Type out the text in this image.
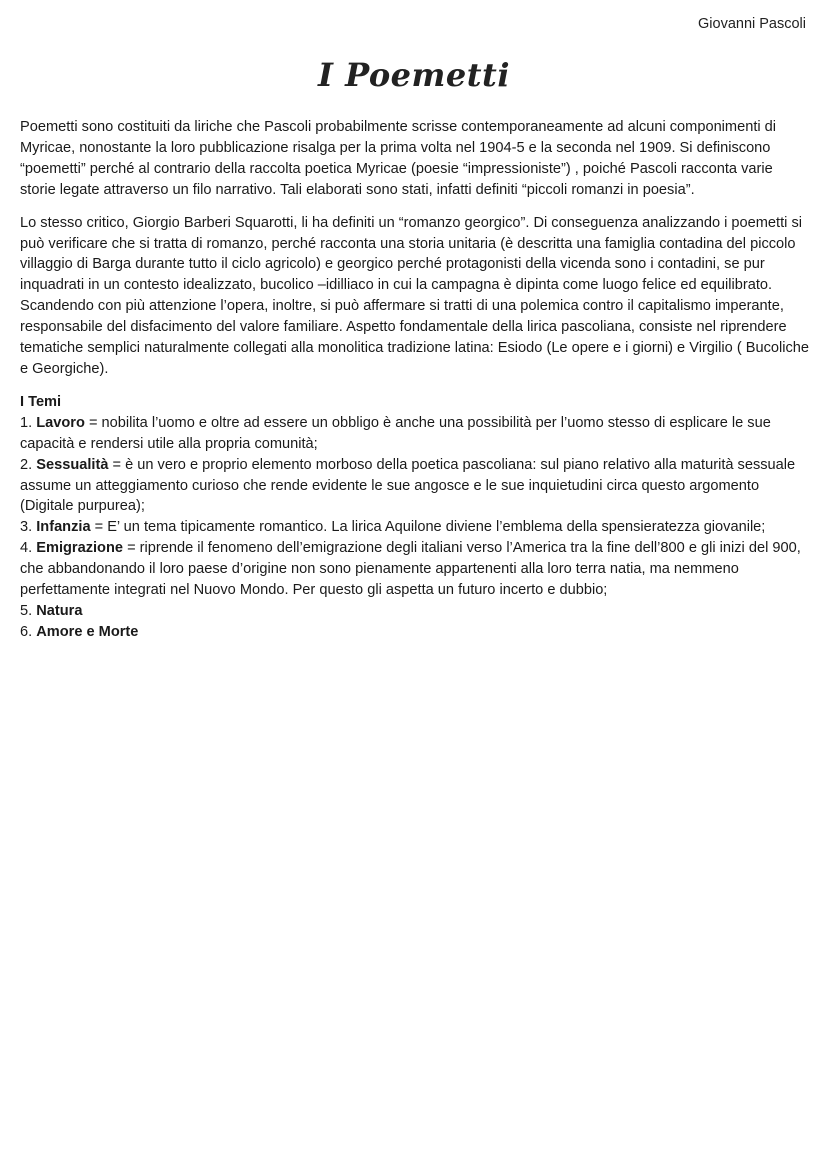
Giovanni Pascoli
I Poemetti

Poemetti sono costituiti da liriche che Pascoli probabilmente scrisse contemporaneamente ad alcuni componimenti di Myricae, nonostante la loro pubblicazione risalga per la prima volta nel 1904-5 e la seconda nel 1909. Si definiscono “poemetti” perché al contrario della raccolta poetica Myricae (poesie “impressioniste”) , poiché Pascoli racconta varie storie legate attraverso un filo narrativo. Tali elaborati sono stati, infatti definiti “piccoli romanzi in poesia”.

Lo stesso critico, Giorgio Barberi Squarotti, li ha definiti un “romanzo georgico”. Di conseguenza analizzando i poemetti si può verificare che si tratta di romanzo, perché racconta una storia unitaria (è descritta una famiglia contadina del piccolo villaggio di Barga durante tutto il ciclo agricolo) e georgico perché protagonisti della vicenda sono i contadini, se pur inquadrati in un contesto idealizzato, bucolico –idilliaco in cui la campagna è dipinta come luogo felice ed equilibrato. Scandendo con più attenzione l’opera, inoltre, si può affermare si tratti di una polemica contro il capitalismo imperante, responsabile del disfacimento del valore familiare. Aspetto fondamentale della lirica pascoliana, consiste nel riprendere tematiche semplici naturalmente collegati alla monolitica tradizione latina: Esiodo (Le opere e i giorni) e Virgilio ( Bucoliche e Georgiche).

I Temi

1. Lavoro = nobilita l’uomo e oltre ad essere un obbligo è anche una possibilità per l’uomo stesso di esplicare le sue capacità e rendersi utile alla propria comunità;

2. Sessualità = è un vero e proprio elemento morboso della poetica pascoliana: sul piano relativo alla maturità sessuale assume un atteggiamento curioso che rende evidente le sue angosce e le sue inquietudini circa questo argomento (Digitale purpurea);

3. Infanzia = E’ un tema tipicamente romantico. La lirica Aquilone diviene l’emblema della spensieratezza giovanile;

4. Emigrazione = riprende il fenomeno dell’emigrazione degli italiani verso l’America tra la fine dell’800 e gli inizi del 900, che abbandonando il loro paese d’origine non sono pienamente appartenenti alla loro terra natia, ma nemmeno perfettamente integrati nel Nuovo Mondo. Per questo gli aspetta un futuro incerto e dubbio;

5. Natura

6. Amore e Morte
